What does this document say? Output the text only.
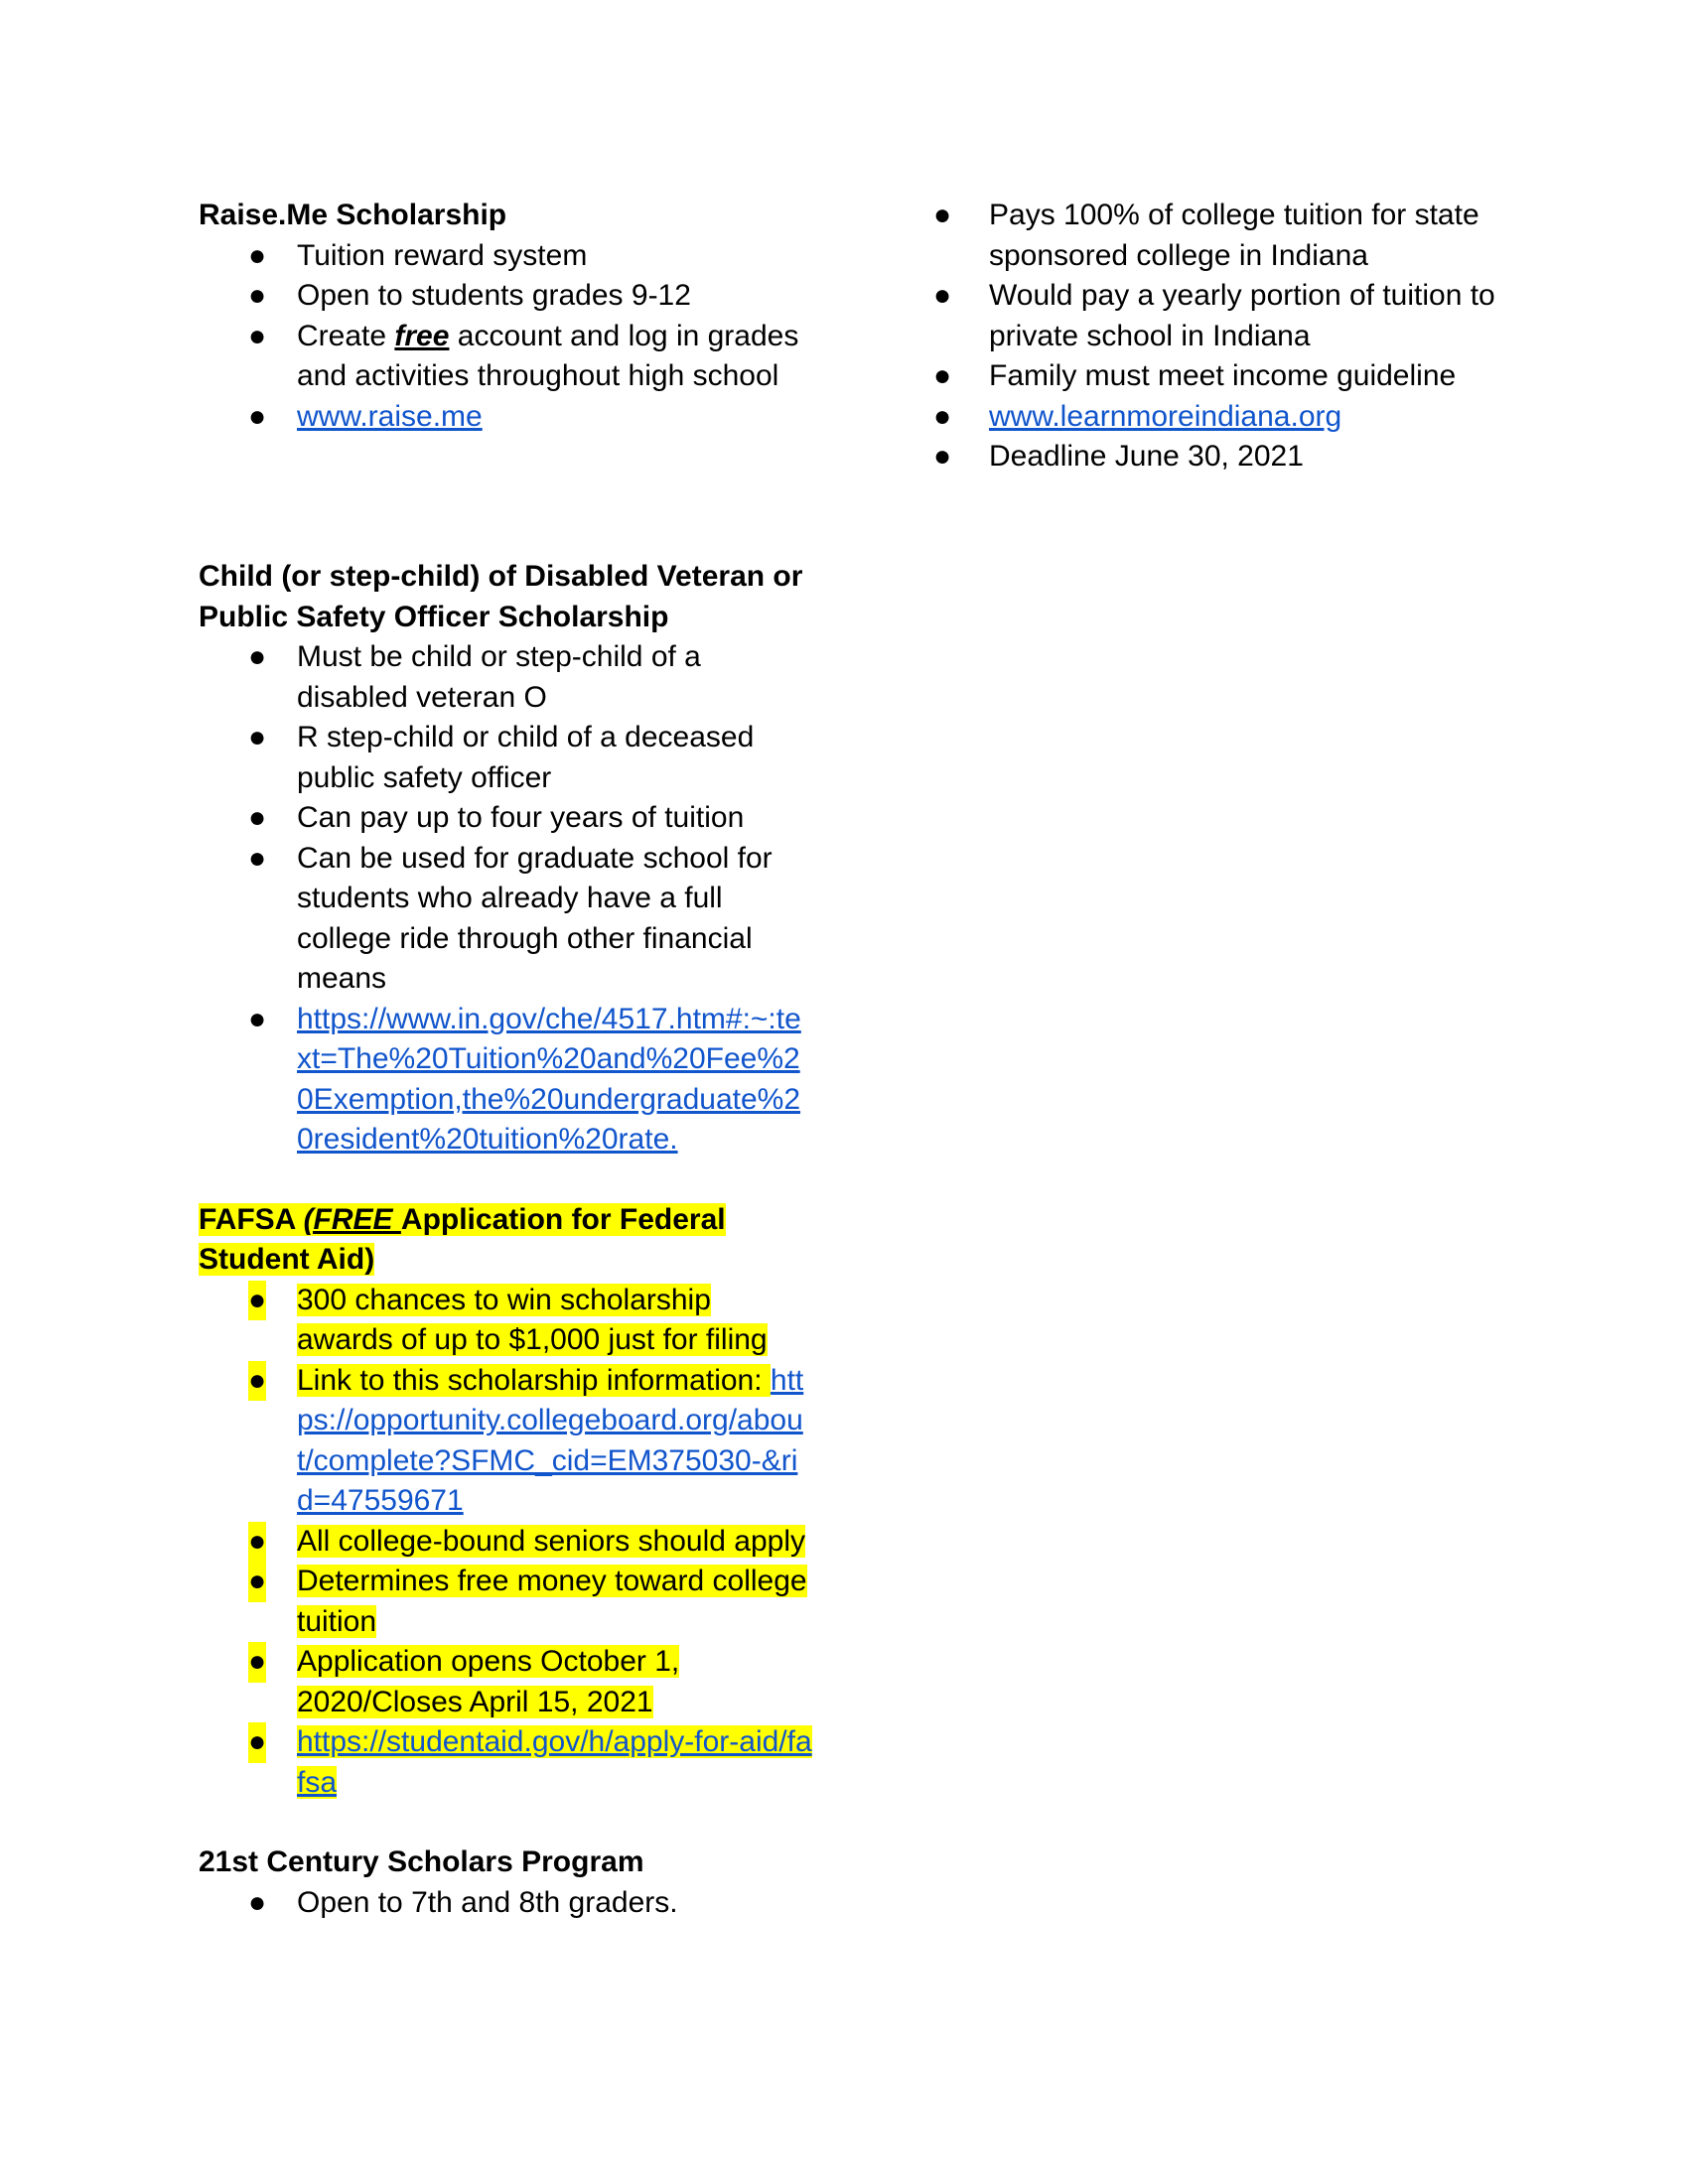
Raise.Me Scholarship
● Tuition reward system
● Open to students grades 9-12
● Create free account and log in grades and activities throughout high school
● www.raise.me
Child (or step-child) of Disabled Veteran or Public Safety Officer Scholarship
● Must be child or step-child of a disabled veteran O
● R step-child or child of a deceased public safety officer
● Can pay up to four years of tuition
● Can be used for graduate school for students who already have a full college ride through other financial means
● https://www.in.gov/che/4517.htm#:~:text=The%20Tuition%20and%20Fee%20Exemption,the%20undergraduate%20resident%20tuition%20rate.
FAFSA (FREE Application for Federal Student Aid)
● 300 chances to win scholarship awards of up to $1,000 just for filing
● Link to this scholarship information: https://opportunity.collegeboard.org/about/complete?SFMC_cid=EM375030-&rid=47559671
● All college-bound seniors should apply
● Determines free money toward college tuition
● Application opens October 1, 2020/Closes April 15, 2021
● https://studentaid.gov/h/apply-for-aid/fafsa
21st Century Scholars Program
● Open to 7th and 8th graders.
● Pays 100% of college tuition for state sponsored college in Indiana
● Would pay a yearly portion of tuition to private school in Indiana
● Family must meet income guideline
● www.learnmoreindiana.org
● Deadline June 30, 2021
